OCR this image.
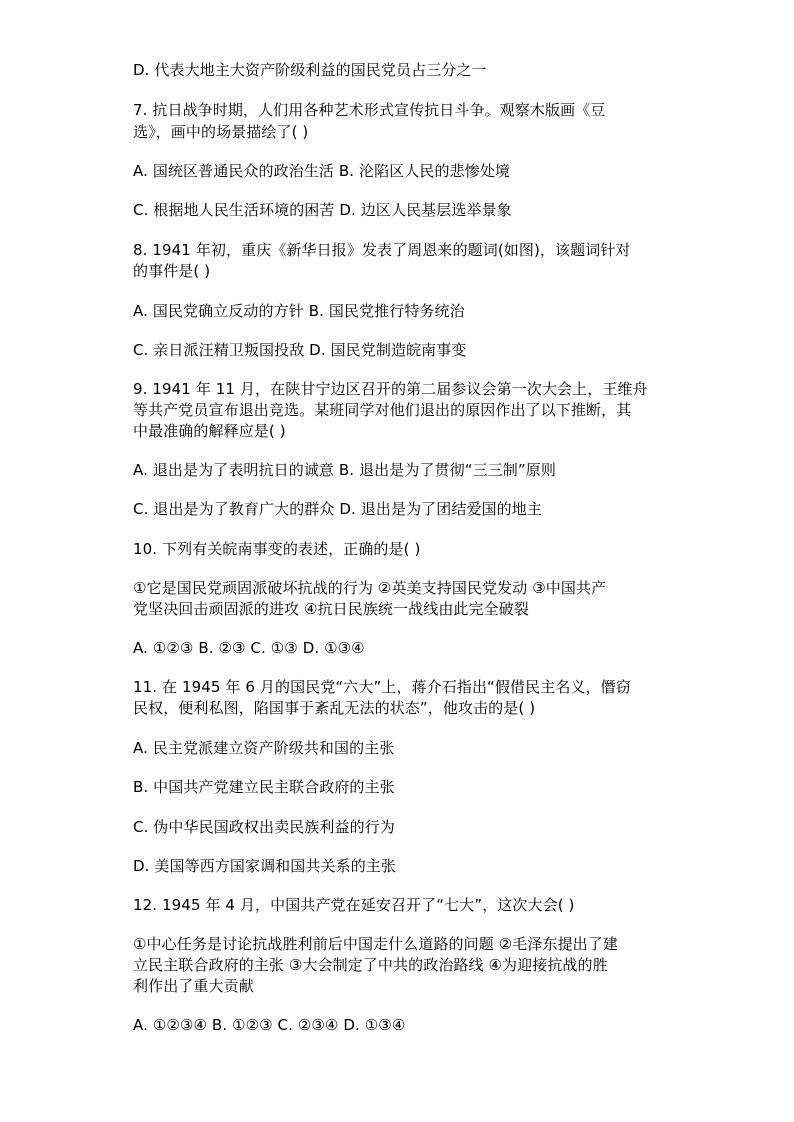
D. 代表大地主大资产阶级利益的国民党员占三分之一
7. 抗日战争时期，人们用各种艺术形式宣传抗日斗争。观察木版画《豆
选》，画中的场景描绘了( )
A. 国统区普通民众的政治生活 B. 沦陷区人民的悲惨处境
C. 根据地人民生活环境的困苦 D. 边区人民基层选举景象
8. 1941 年初，重庆《新华日报》发表了周恩来的题词(如图)，该题词针对
的事件是( )
A. 国民党确立反动的方针 B. 国民党推行特务统治
C. 亲日派汪精卫叛国投敌 D. 国民党制造皖南事变
9. 1941 年 11 月，在陕甘宁边区召开的第二届参议会第一次大会上，王维舟
等共产党员宣布退出竞选。某班同学对他们退出的原因作出了以下推断，其
中最准确的解释应是( )
A. 退出是为了表明抗日的诚意 B. 退出是为了贯彻“三三制”原则
C. 退出是为了教育广大的群众 D. 退出是为了团结爱国的地主
10. 下列有关皖南事变的表述，正确的是( )
①它是国民党顽固派破坏抗战的行为 ②英美支持国民党发动 ③中国共产
党坚决回击顽固派的进攻 ④抗日民族统一战线由此完全破裂
A. ①②③ B. ②③ C. ①③ D. ①③④
11. 在 1945 年 6 月的国民党“六大”上，蒋介石指出“假借民主名义，僭窃
民权，便利私图，陷国事于紊乱无法的状态”，他攻击的是( )
A. 民主党派建立资产阶级共和国的主张
B. 中国共产党建立民主联合政府的主张
C. 伪中华民国政权出卖民族利益的行为
D. 美国等西方国家调和国共关系的主张
12. 1945 年 4 月，中国共产党在延安召开了“七大”，这次大会( )
①中心任务是讨论抗战胜利前后中国走什么道路的问题 ②毛泽东提出了建
立民主联合政府的主张 ③大会制定了中共的政治路线 ④为迎接抗战的胜
利作出了重大贡献
A. ①②③④ B. ①②③ C. ②③④ D. ①③④
